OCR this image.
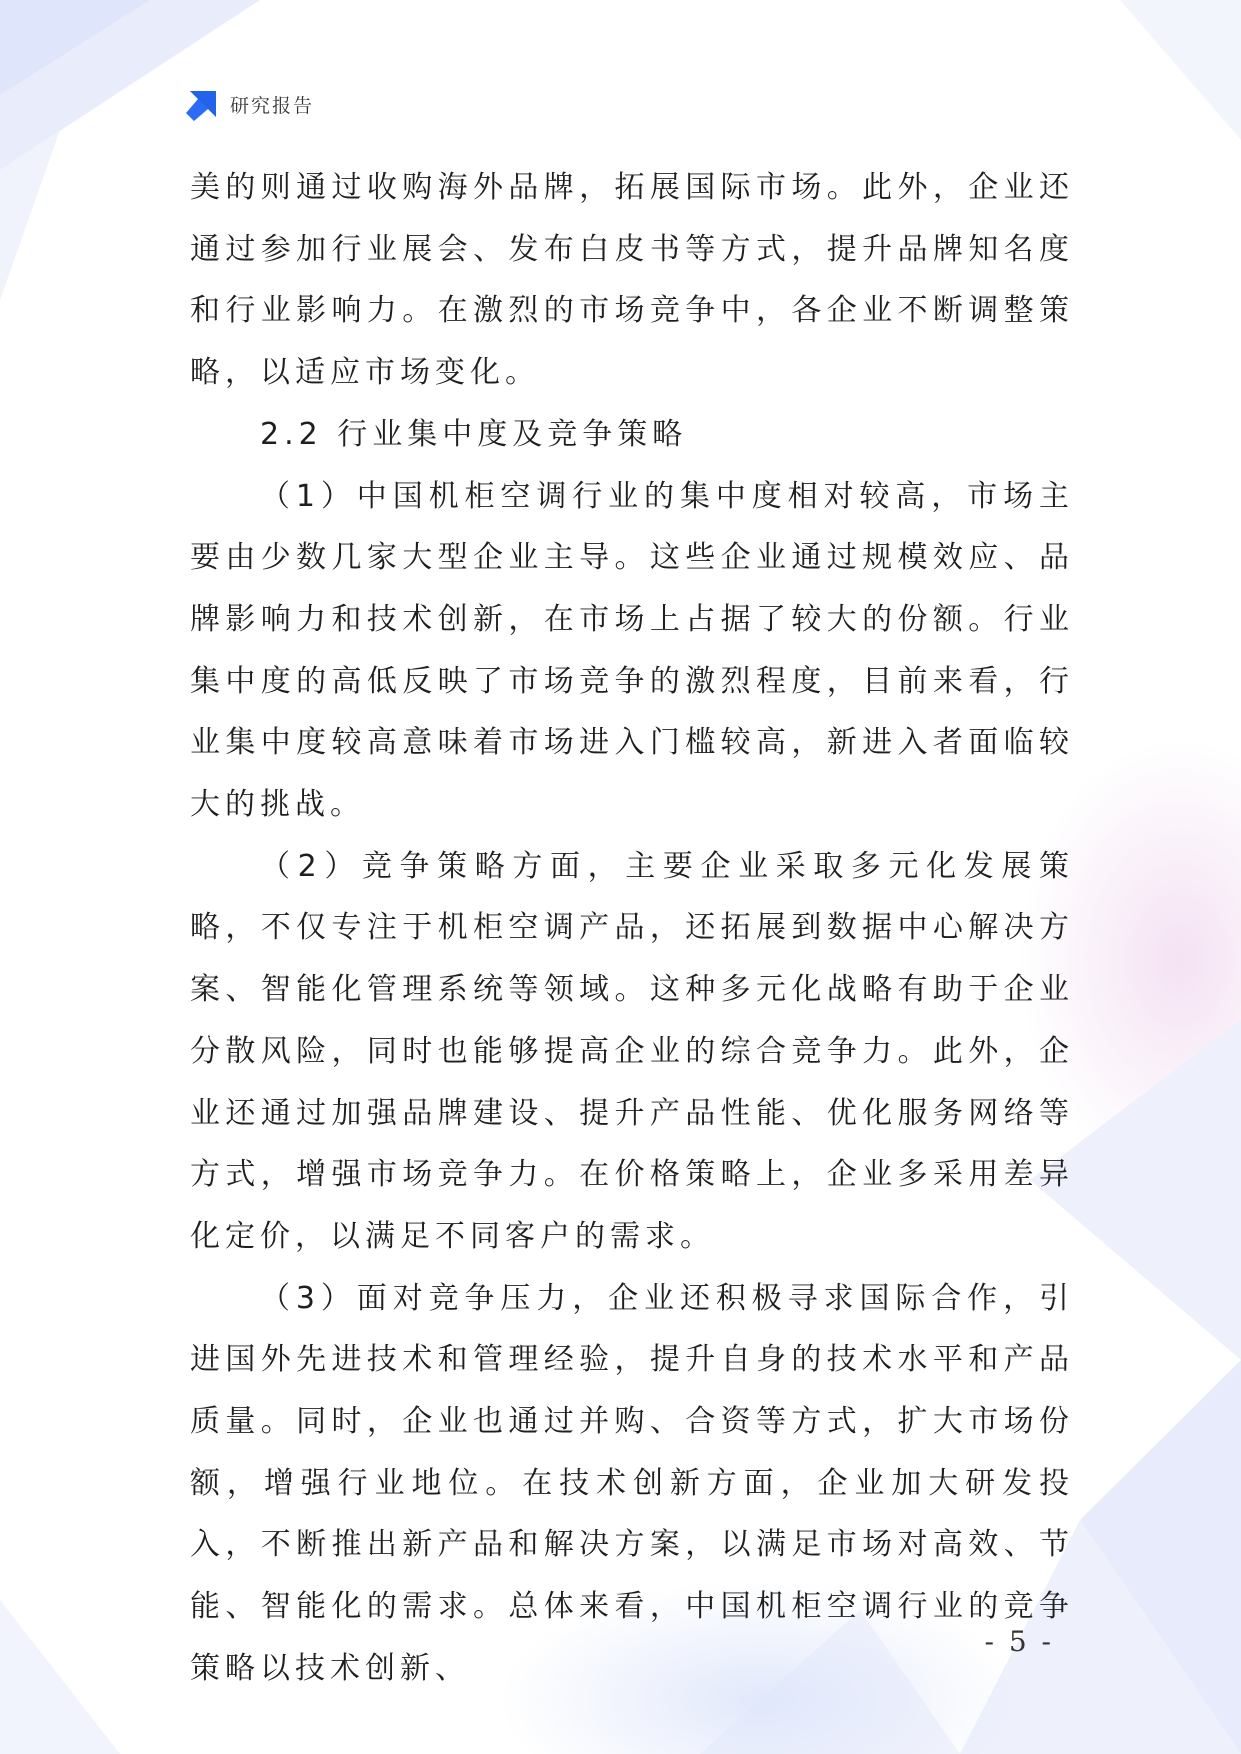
研究报告

美的则通过收购海外品牌，拓展国际市场。此外，企业还通过参加行业展会、发布白皮书等方式，提升品牌知名度和行业影响力。在激烈的市场竞争中，各企业不断调整策略，以适应市场变化。

2.2 行业集中度及竞争策略

（1）中国机柜空调行业的集中度相对较高，市场主要由少数几家大型企业主导。这些企业通过规模效应、品牌影响力和技术创新，在市场上占据了较大的份额。行业集中度的高低反映了市场竞争的激烈程度，目前来看，行业集中度较高意味着市场进入门槛较高，新进入者面临较大的挑战。

（2）竞争策略方面，主要企业采取多元化发展策略，不仅专注于机柜空调产品，还拓展到数据中心解决方案、智能化管理系统等领域。这种多元化战略有助于企业分散风险，同时也能够提高企业的综合竞争力。此外，企业还通过加强品牌建设、提升产品性能、优化服务网络等方式，增强市场竞争力。在价格策略上，企业多采用差异化定价，以满足不同客户的需求。

（3）面对竞争压力，企业还积极寻求国际合作，引进国外先进技术和管理经验，提升自身的技术水平和产品质量。同时，企业也通过并购、合资等方式，扩大市场份额，增强行业地位。在技术创新方面，企业加大研发投入，不断推出新产品和解决方案，以满足市场对高效、节能、智能化的需求。总体来看，中国机柜空调行业的竞争策略以技术创新、

- 5 -
